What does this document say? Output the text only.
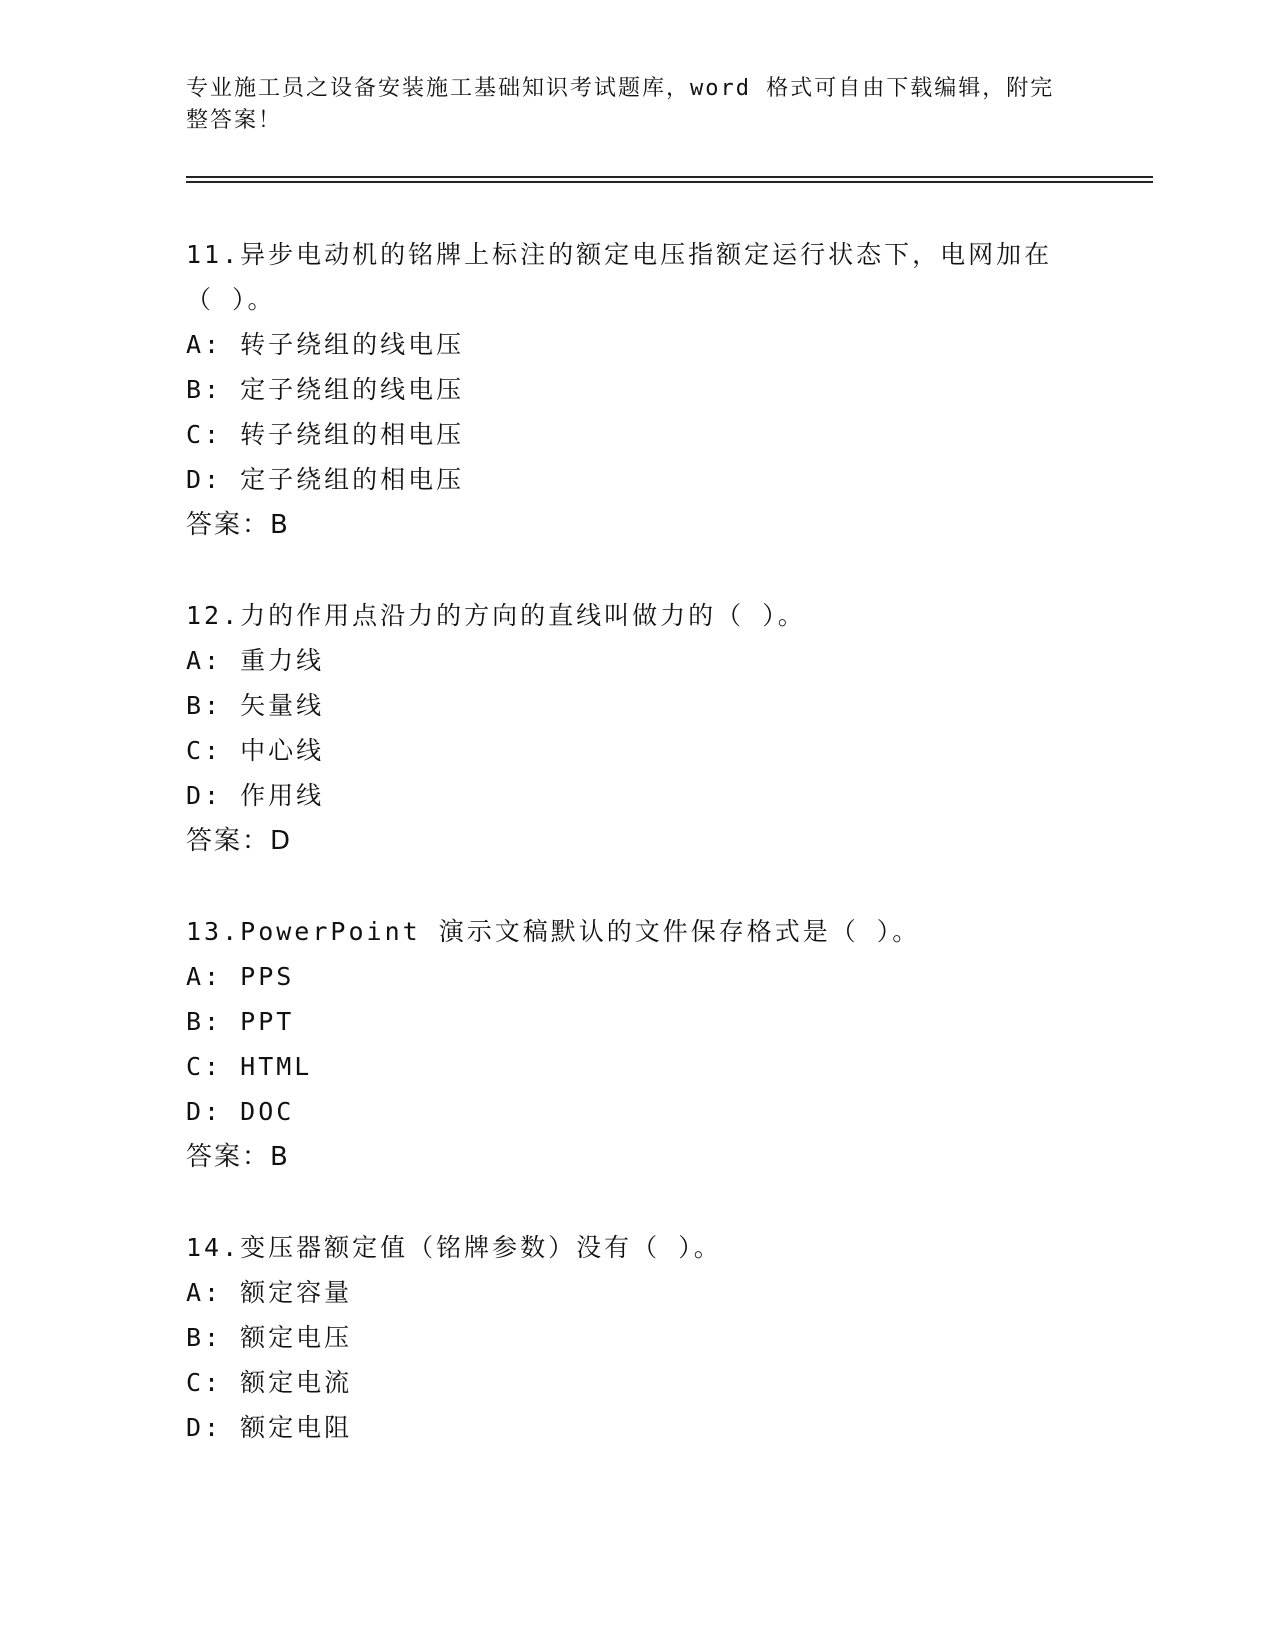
专业施工员之设备安装施工基础知识考试题库，word 格式可自由下载编辑，附完
整答案！
11.异步电动机的铭牌上标注的额定电压指额定运行状态下，电网加在
（ ）。
A: 转子绕组的线电压
B: 定子绕组的线电压
C: 转子绕组的相电压
D: 定子绕组的相电压
答案：B
12.力的作用点沿力的方向的直线叫做力的（ ）。
A: 重力线
B: 矢量线
C: 中心线
D: 作用线
答案：D
13.PowerPoint 演示文稿默认的文件保存格式是（ ）。
A: PPS
B: PPT
C: HTML
D: DOC
答案：B
14.变压器额定值（铭牌参数）没有（ ）。
A: 额定容量
B: 额定电压
C: 额定电流
D: 额定电阻
